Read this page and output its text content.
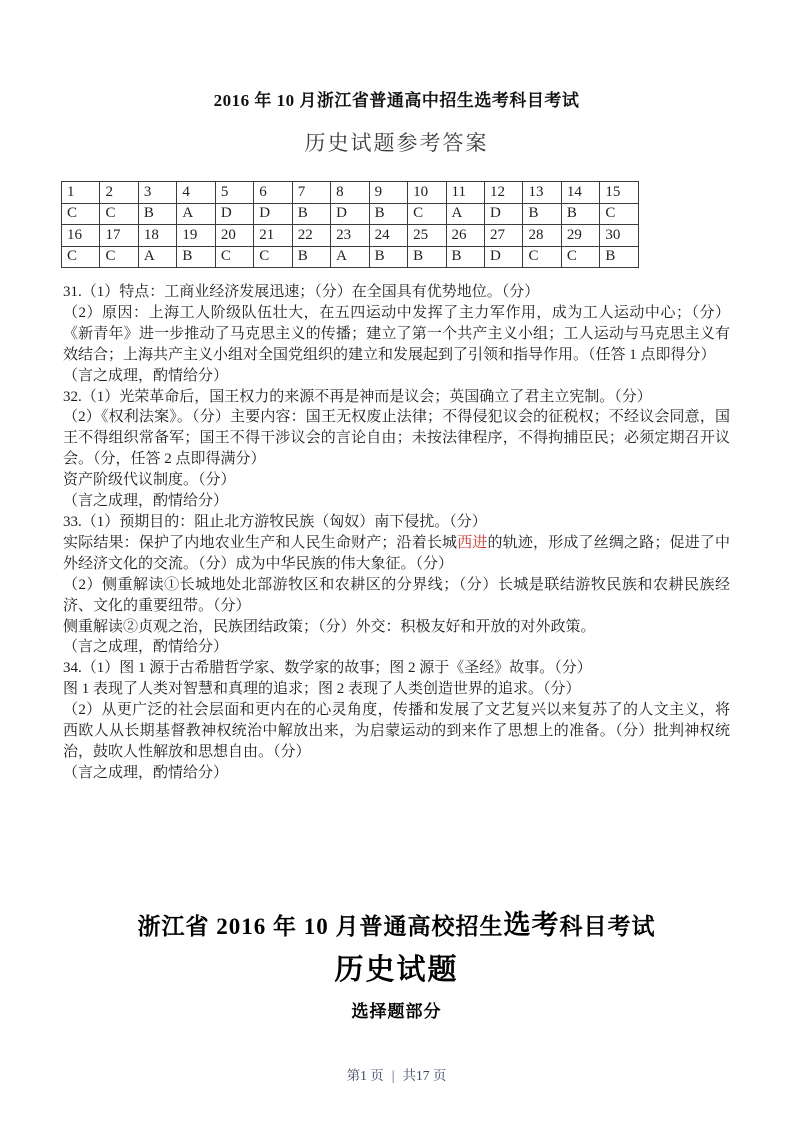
2016 年 10 月浙江省普通高中招生选考科目考试
历史试题参考答案
1	2	3	4	5	6	7	8	9	10	11	12	13	14	15
C	C	B	A	D	D	B	D	B	C	A	D	B	B	C
16	17	18	19	20	21	22	23	24	25	26	27	28	29	30
C	C	A	B	C	C	B	A	B	B	B	D	C	C	B

31.（1）特点：工商业经济发展迅速；（分）在全国具有优势地位。（分）

（2）原因：上海工人阶级队伍壮大，在五四运动中发挥了主力军作用，成为工人运动中心；（分）《新青年》进一步推动了马克思主义的传播；建立了第一个共产主义小组；工人运动与马克思主义有效结合；上海共产主义小组对全国党组织的建立和发展起到了引领和指导作用。（任答 1 点即得分）

（言之成理，酌情给分）

32.（1）光荣革命后，国王权力的来源不再是神而是议会；英国确立了君主立宪制。（分）

（2）《权利法案》。（分）主要内容：国王无权废止法律；不得侵犯议会的征税权；不经议会同意，国王不得组织常备军；国王不得干涉议会的言论自由；未按法律程序，不得拘捕臣民；必须定期召开议会。（分，任答 2 点即得满分）

资产阶级代议制度。（分）

（言之成理，酌情给分）

33.（1）预期目的：阻止北方游牧民族（匈奴）南下侵扰。（分）

实际结果：保护了内地农业生产和人民生命财产；沿着长城西进的轨迹，形成了丝绸之路；促进了中外经济文化的交流。（分）成为中华民族的伟大象征。（分）

（2）侧重解读①长城地处北部游牧区和农耕区的分界线；（分）长城是联结游牧民族和农耕民族经济、文化的重要纽带。（分）

侧重解读②贞观之治，民族团结政策；（分）外交：积极友好和开放的对外政策。

（言之成理，酌情给分）

34.（1）图 1 源于古希腊哲学家、数学家的故事；图 2 源于《圣经》故事。（分）

图 1 表现了人类对智慧和真理的追求；图 2 表现了人类创造世界的追求。（分）

（2）从更广泛的社会层面和更内在的心灵角度，传播和发展了文艺复兴以来复苏了的人文主义，将西欧人从长期基督教神权统治中解放出来，为启蒙运动的到来作了思想上的准备。（分）批判神权统治，鼓吹人性解放和思想自由。（分）

（言之成理，酌情给分）

浙江省 2016 年 10 月普通高校招生选考科目考试
历史试题
选择题部分
第1 页 | 共17 页
